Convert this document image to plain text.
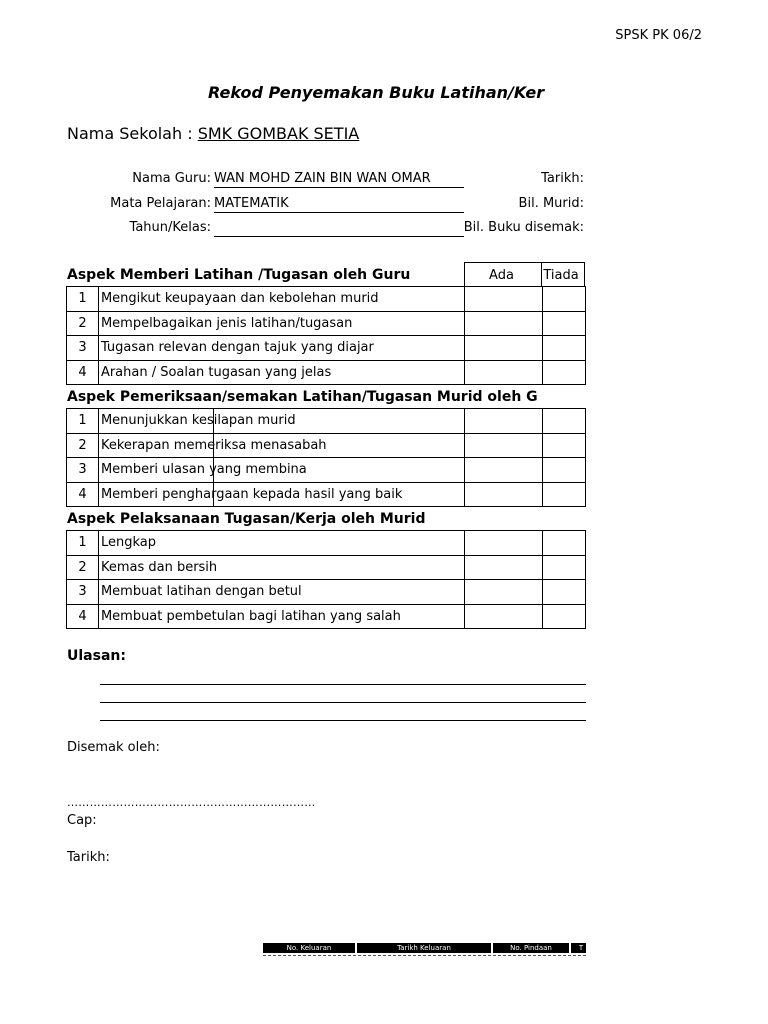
SPSK PK 06/2
Rekod Penyemakan Buku Latihan/Ker
Nama Sekolah : SMK GOMBAK SETIA
Nama Guru: WAN MOHD ZAIN BIN WAN OMAR
Mata Pelajaran: MATEMATIK
Tahun/Kelas:
Tarikh:
Bil. Murid:
Bil. Buku disemak:
Aspek Memberi Latihan /Tugasan oleh Guru	Ada	Tiada
1	Mengikut keupayaan dan kebolehan murid		
2	Mempelbagaikan jenis latihan/tugasan		
3	Tugasan relevan dengan tajuk yang diajar		
4	Arahan / Soalan tugasan yang jelas		
Aspek Pemeriksaan/semakan Latihan/Tugasan Murid oleh G
1	Menunjukkan kesilapan murid		
2	Kekerapan memeriksa menasabah		
3	Memberi ulasan yang membina		
4	Memberi penghargaan kepada hasil yang baik		
Aspek Pelaksanaan Tugasan/Kerja oleh Murid
1	Lengkap		
2	Kemas dan bersih		
3	Membuat latihan dengan betul		
4	Membuat pembetulan bagi latihan yang salah		
Ulasan:
Disemak oleh:
…………………………………………………………
Cap:
Tarikh:
No. Keluaran	Tarikh Keluaran	No. Pindaan	T
